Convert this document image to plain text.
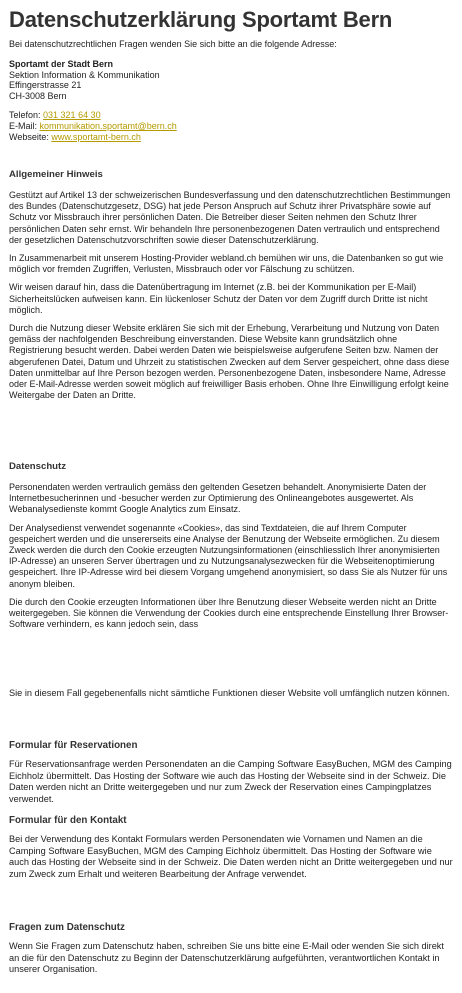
Datenschutzerklärung Sportamt Bern

Bei datenschutzrechtlichen Fragen wenden Sie sich bitte an die folgende Adresse:

Sportamt der Stadt Bern

Sektion Information & Kommunikation

Effingerstrasse 21

CH-3008 Bern

Telefon: 031 321 64 30

E-Mail: kommunikation.sportamt@bern.ch

Webseite: www.sportamt-bern.ch

Allgemeiner Hinweis

Gestützt auf Artikel 13 der schweizerischen Bundesverfassung und den datenschutzrechtlichen Bestimmungen des Bundes (Datenschutzgesetz, DSG) hat jede Person Anspruch auf Schutz ihrer Privatsphäre sowie auf Schutz vor Missbrauch ihrer persönlichen Daten. Die Betreiber dieser Seiten nehmen den Schutz Ihrer persönlichen Daten sehr ernst. Wir behandeln Ihre personenbezogenen Daten vertraulich und entsprechend der gesetzlichen Datenschutzvorschriften sowie dieser Datenschutzerklärung.

In Zusammenarbeit mit unserem Hosting-Provider webland.ch bemühen wir uns, die Datenbanken so gut wie möglich vor fremden Zugriffen, Verlusten, Missbrauch oder vor Fälschung zu schützen.

Wir weisen darauf hin, dass die Datenübertragung im Internet (z.B. bei der Kommunikation per E-Mail) Sicherheitslücken aufweisen kann. Ein lückenloser Schutz der Daten vor dem Zugriff durch Dritte ist nicht möglich.

Durch die Nutzung dieser Website erklären Sie sich mit der Erhebung, Verarbeitung und Nutzung von Daten gemäss der nachfolgenden Beschreibung einverstanden. Diese Website kann grundsätzlich ohne Registrierung besucht werden. Dabei werden Daten wie beispielsweise aufgerufene Seiten bzw. Namen der abgerufenen Datei, Datum und Uhrzeit zu statistischen Zwecken auf dem Server gespeichert, ohne dass diese Daten unmittelbar auf Ihre Person bezogen werden. Personenbezogene Daten, insbesondere Name, Adresse oder E-Mail-Adresse werden soweit möglich auf freiwilliger Basis erhoben. Ohne Ihre Einwilligung erfolgt keine Weitergabe der Daten an Dritte.

Datenschutz

Personendaten werden vertraulich gemäss den geltenden Gesetzen behandelt. Anonymisierte Daten der Internetbesucherinnen und -besucher werden zur Optimierung des Onlineangebotes ausgewertet. Als Webanalysedienste kommt Google Analytics zum Einsatz.

Der Analysedienst verwendet sogenannte «Cookies», das sind Textdateien, die auf Ihrem Computer gespeichert werden und die unsererseits eine Analyse der Benutzung der Webseite ermöglichen. Zu diesem Zweck werden die durch den Cookie erzeugten Nutzungsinformationen (einschliesslich Ihrer anonymisierten IP-Adresse) an unseren Server übertragen und zu Nutzungsanalysezwecken für die Webseitenoptimierung gespeichert. Ihre IP-Adresse wird bei diesem Vorgang umgehend anonymisiert, so dass Sie als Nutzer für uns anonym bleiben.

Die durch den Cookie erzeugten Informationen über Ihre Benutzung dieser Webseite werden nicht an Dritte weitergegeben. Sie können die Verwendung der Cookies durch eine entsprechende Einstellung Ihrer Browser-Software verhindern, es kann jedoch sein, dass

Sie in diesem Fall gegebenenfalls nicht sämtliche Funktionen dieser Website voll umfänglich nutzen können.

Formular für Reservationen

Für Reservationsanfrage werden Personendaten an die Camping Software EasyBuchen, MGM des Camping Eichholz übermittelt. Das Hosting der Software wie auch das Hosting der Webseite sind in der Schweiz. Die Daten werden nicht an Dritte weitergegeben und nur zum Zweck der Reservation eines Campingplatzes verwendet.

Formular für den Kontakt

Bei der Verwendung des Kontakt Formulars werden Personendaten wie Vornamen und Namen an die Camping Software EasyBuchen, MGM des Camping Eichholz übermittelt. Das Hosting der Software wie auch das Hosting der Webseite sind in der Schweiz. Die Daten werden nicht an Dritte weitergegeben und nur zum Zweck zum Erhalt und weiteren Bearbeitung der Anfrage verwendet.

Fragen zum Datenschutz

Wenn Sie Fragen zum Datenschutz haben, schreiben Sie uns bitte eine E-Mail oder wenden Sie sich direkt an die für den Datenschutz zu Beginn der Datenschutzerklärung aufgeführten, verantwortlichen Kontakt in unserer Organisation.
